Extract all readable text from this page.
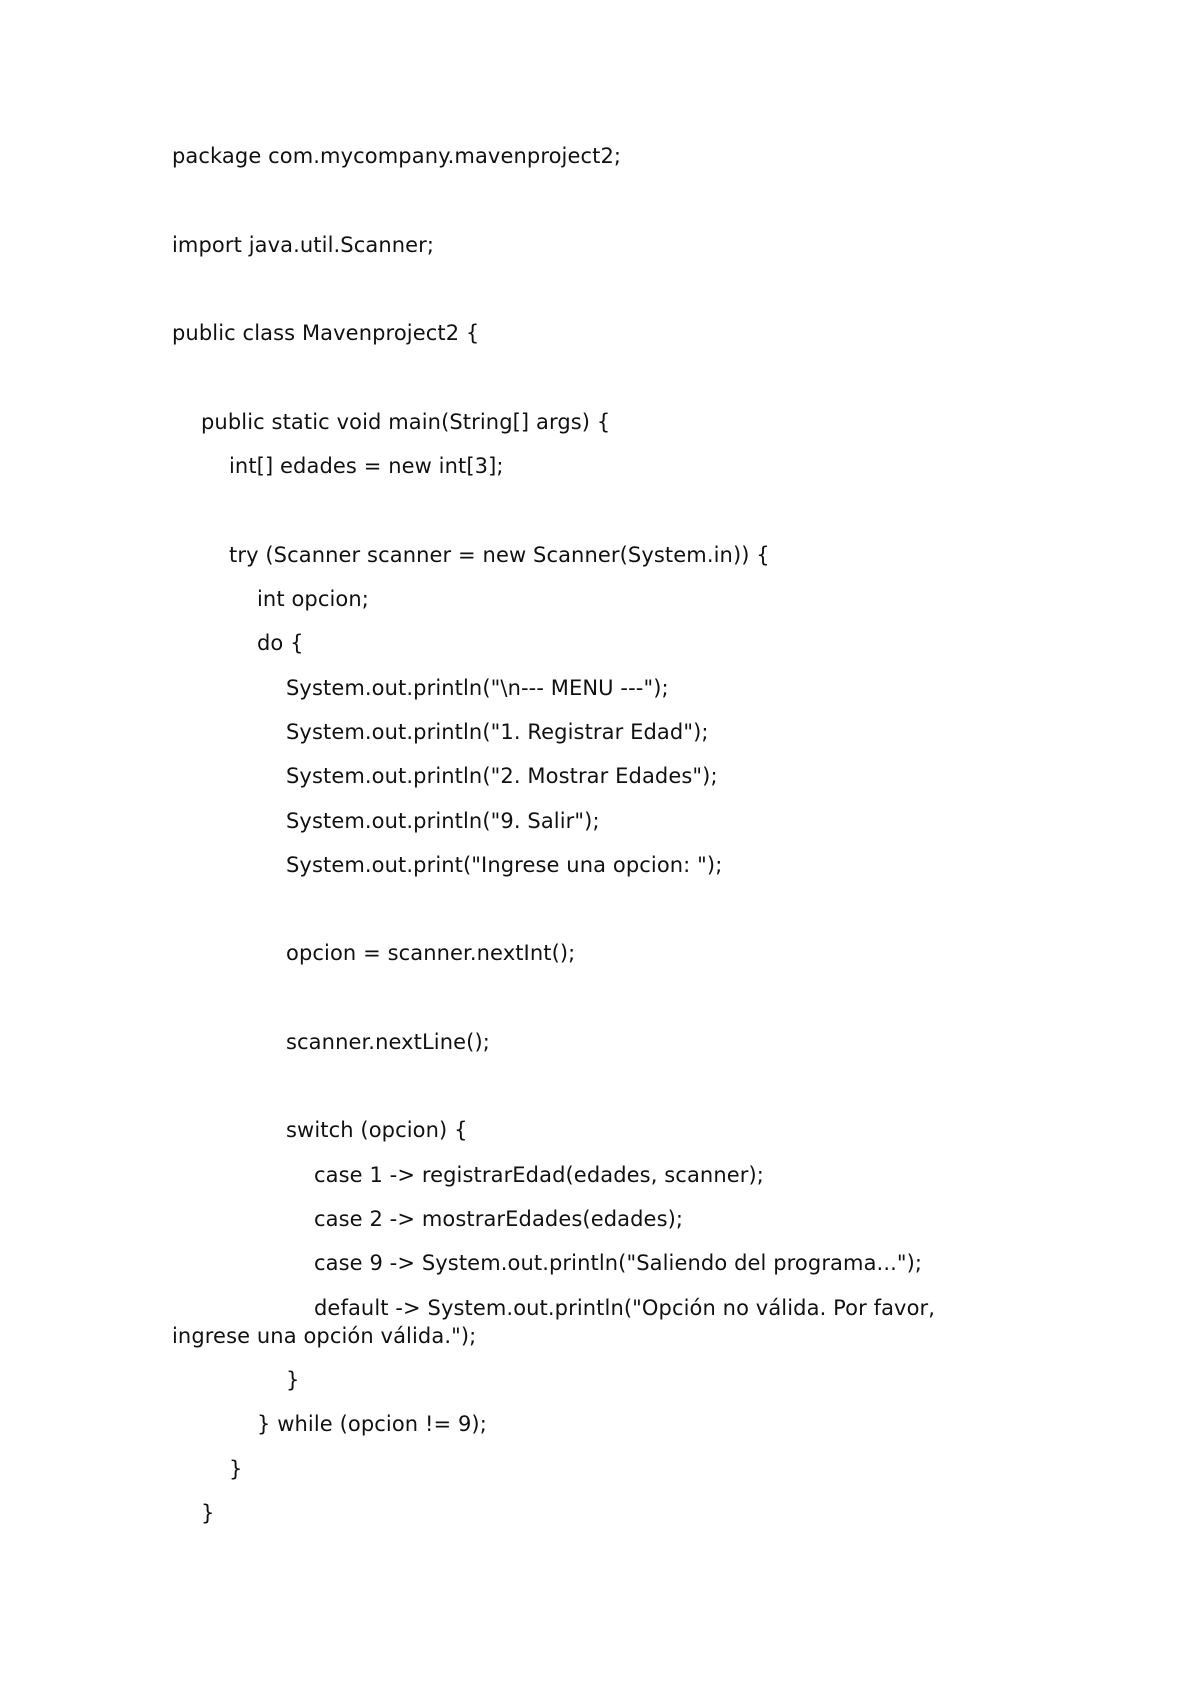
package com.mycompany.mavenproject2;
import java.util.Scanner;
public class Mavenproject2 {
public static void main(String[] args) {
int[] edades = new int[3];
try (Scanner scanner = new Scanner(System.in)) {
int opcion;
do {
System.out.println("\n--- MENU ---");
System.out.println("1. Registrar Edad");
System.out.println("2. Mostrar Edades");
System.out.println("9. Salir");
System.out.print("Ingrese una opcion: ");
opcion = scanner.nextInt();
scanner.nextLine();
switch (opcion) {
case 1 -> registrarEdad(edades, scanner);
case 2 -> mostrarEdades(edades);
case 9 -> System.out.println("Saliendo del programa...");
default -> System.out.println("Opción no válida. Por favor,
ingrese una opción válida.");
}
} while (opcion != 9);
}
}
